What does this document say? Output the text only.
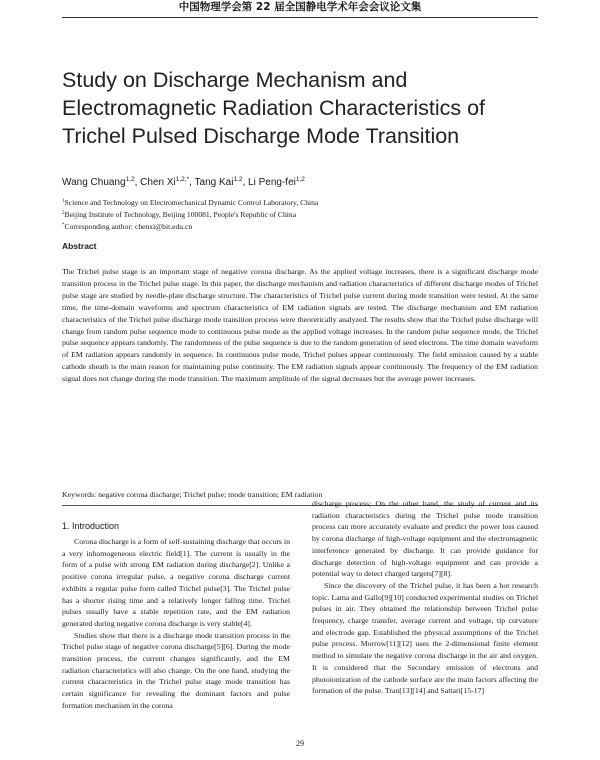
中国物理学会第 22 届全国静电学术年会会议论文集
Study on Discharge Mechanism and
Electromagnetic Radiation Characteristics of
Trichel Pulsed Discharge Mode Transition
Wang Chuang$^{1,2}$, Chen $Xi^{1,2,*}$, Tang Kai$^{1,2}$, Li Peng-fei$^{1,2}$
$^1$Science and Technology on Electromechanical Dynamic Control Laboratory, China
$^2$Beijing Institute of Technology, Beijing 100081, People's Republic of China
*Corresponding author: chenxi@bit.edu.cn
Abstract
The Trichel pulse stage is an important stage of negative corona discharge. As the applied voltage increases, there is a significant discharge mode transition process in the Trichel pulse stage. In this paper, the discharge mechanism and radiation characteristics of different discharge modes of Trichel pulse stage are studied by needle-plate discharge structure. The characteristics of Trichel pulse current during mode transition were tested. At the same time, the time-domain waveforms and spectrum characteristics of EM radiation signals are tested. The discharge mechanism and EM radiation characteristics of the Trichel pulse discharge mode transition process were theoretically analyzed. The results show that the Trichel pulse discharge will change from random pulse sequence mode to continuous pulse mode as the applied voltage increases. In the random pulse sequence mode, the Trichel pulse sequence appears randomly. The randomness of the pulse sequence is due to the random generation of seed electrons. The time domain waveform of EM radiation appears randomly in sequence. In continuous pulse mode, Trichel pulses appear continuously. The field emission caused by a stable cathode sheath is the main reason for maintaining pulse continuity. The EM radiation signals appear continuously. The frequency of the EM radiation signal does not change during the mode transition. The maximum amplitude of the signal decreases but the average power increases.
Keywords: negative corona discharge; Trichel pulse; mode transition; EM radiation
1. Introduction

Corona discharge is a form of self-sustaining discharge that occurs in a very inhomogeneous electric field[1]. The current is usually in the form of a pulse with strong EM radiation during discharge[2]. Unlike a positive corona irregular pulse, a negative corona discharge current exhibits a regular pulse form called Trichel pulse[3]. The Trichel pulse has a shorter rising time and a relatively longer falling time. Trichel pulses usually have a stable repetition rate, and the EM radiation generated during negative corona discharge is very stable[4].

Studies show that there is a discharge mode transition process in the Trichel pulse stage of negative corona discharge[5][6]. During the mode transition process, the current changes significantly, and the EM radiation characteristics will also change. On the one hand, studying the current characteristics in the Trichel pulse stage mode transition has certain significance for revealing the dominant factors and pulse formation mechanism in the corona

discharge process; On the other hand, the study of current and its radiation characteristics during the Trichel pulse mode transition process can more accurately evaluate and predict the power loss caused by corona discharge of high-voltage equipment and the electromagnetic interference generated by discharge. It can provide guidance for discharge detection of high-voltage equipment and can provide a potential way to detect charged targets[7][8].

Since the discovery of the Trichel pulse, it has been a hot research topic. Lama and Gallo[9][10] conducted experimental studies on Trichel pulses in air. They obtained the relationship between Trichel pulse frequency, charge transfer, average current and voltage, tip curvature and electrode gap. Established the physical assumptions of the Trichel pulse process. Morrow[11][12] uses the 2-dimensional finite element method to simulate the negative corona discharge in the air and oxygen. It is considered that the Secondary emission of electrons and photoionization of the cathode surface are the main factors affecting the formation of the pulse. Tran[13][14] and Sattari[15-17]

29
